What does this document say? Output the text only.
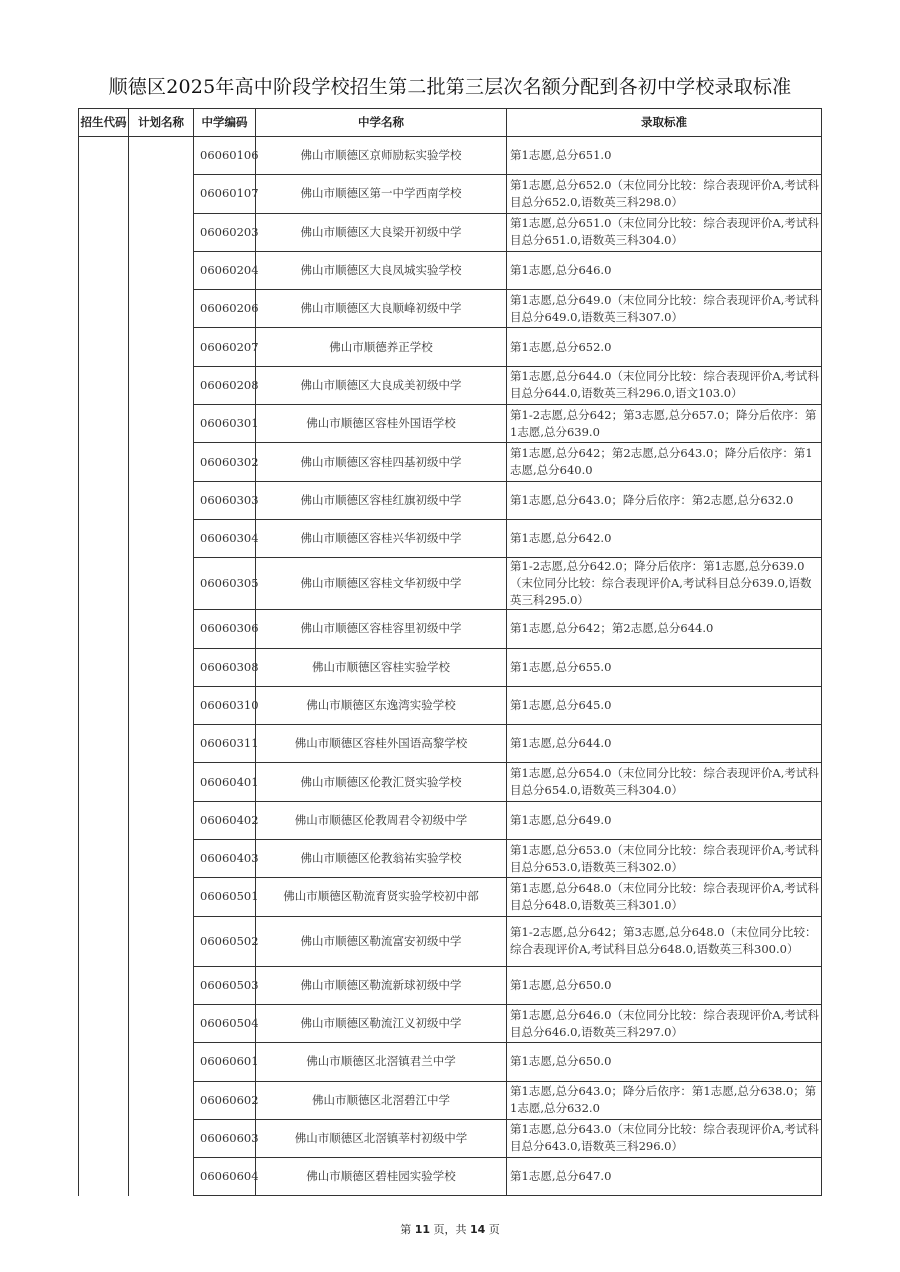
顺德区2025年高中阶段学校招生第二批第三层次名额分配到各初中学校录取标准
招生代码	计划名称	中学编码	中学名称	录取标准
		06060106	佛山市顺德区京师励耘实验学校	第1志愿,总分651.0
		06060107	佛山市顺德区第一中学西南学校	第1志愿,总分652.0（末位同分比较：综合表现评价A,考试科目总分652.0,语数英三科298.0）
		06060203	佛山市顺德区大良梁开初级中学	第1志愿,总分651.0（末位同分比较：综合表现评价A,考试科目总分651.0,语数英三科304.0）
		06060204	佛山市顺德区大良凤城实验学校	第1志愿,总分646.0
		06060206	佛山市顺德区大良顺峰初级中学	第1志愿,总分649.0（末位同分比较：综合表现评价A,考试科目总分649.0,语数英三科307.0）
		06060207	佛山市顺德养正学校	第1志愿,总分652.0
		06060208	佛山市顺德区大良成美初级中学	第1志愿,总分644.0（末位同分比较：综合表现评价A,考试科目总分644.0,语数英三科296.0,语文103.0）
		06060301	佛山市顺德区容桂外国语学校	第1-2志愿,总分642；第3志愿,总分657.0；降分后依序：第1志愿,总分639.0
		06060302	佛山市顺德区容桂四基初级中学	第1志愿,总分642；第2志愿,总分643.0；降分后依序：第1志愿,总分640.0
		06060303	佛山市顺德区容桂红旗初级中学	第1志愿,总分643.0；降分后依序：第2志愿,总分632.0
		06060304	佛山市顺德区容桂兴华初级中学	第1志愿,总分642.0
		06060305	佛山市顺德区容桂文华初级中学	第1-2志愿,总分642.0；降分后依序：第1志愿,总分639.0（末位同分比较：综合表现评价A,考试科目总分639.0,语数英三科295.0）
		06060306	佛山市顺德区容桂容里初级中学	第1志愿,总分642；第2志愿,总分644.0
		06060308	佛山市顺德区容桂实验学校	第1志愿,总分655.0
		06060310	佛山市顺德区东逸湾实验学校	第1志愿,总分645.0
		06060311	佛山市顺德区容桂外国语高黎学校	第1志愿,总分644.0
		06060401	佛山市顺德区伦教汇贤实验学校	第1志愿,总分654.0（末位同分比较：综合表现评价A,考试科目总分654.0,语数英三科304.0）
		06060402	佛山市顺德区伦教周君令初级中学	第1志愿,总分649.0
		06060403	佛山市顺德区伦教翁祐实验学校	第1志愿,总分653.0（末位同分比较：综合表现评价A,考试科目总分653.0,语数英三科302.0）
		06060501	佛山市顺德区勒流育贤实验学校初中部	第1志愿,总分648.0（末位同分比较：综合表现评价A,考试科目总分648.0,语数英三科301.0）
		06060502	佛山市顺德区勒流富安初级中学	第1-2志愿,总分642；第3志愿,总分648.0（末位同分比较：综合表现评价A,考试科目总分648.0,语数英三科300.0）
		06060503	佛山市顺德区勒流新球初级中学	第1志愿,总分650.0
		06060504	佛山市顺德区勒流江义初级中学	第1志愿,总分646.0（末位同分比较：综合表现评价A,考试科目总分646.0,语数英三科297.0）
		06060601	佛山市顺德区北滘镇君兰中学	第1志愿,总分650.0
		06060602	佛山市顺德区北滘碧江中学	第1志愿,总分643.0；降分后依序：第1志愿,总分638.0；第1志愿,总分632.0
		06060603	佛山市顺德区北滘镇莘村初级中学	第1志愿,总分643.0（末位同分比较：综合表现评价A,考试科目总分643.0,语数英三科296.0）
		06060604	佛山市顺德区碧桂园实验学校	第1志愿,总分647.0
第 11 页，共 14 页
